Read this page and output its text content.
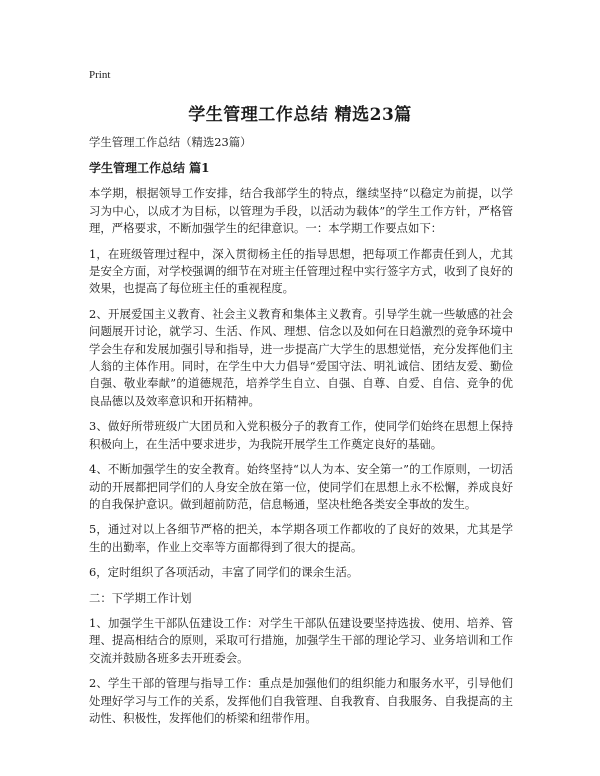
Print
学生管理工作总结 精选23篇

学生管理工作总结（精选23篇）

学生管理工作总结 篇1

本学期，根据领导工作安排，结合我部学生的特点，继续坚持“以稳定为前提，以学习为中心，以成才为目标，以管理为手段，以活动为载体”的学生工作方针，严格管理，严格要求，不断加强学生的纪律意识。一：本学期工作要点如下：

1，在班级管理过程中，深入贯彻杨主任的指导思想，把每项工作都责任到人，尤其是安全方面，对学校强调的细节在对班主任管理过程中实行签字方式，收到了良好的效果，也提高了每位班主任的重视程度。

2、开展爱国主义教育、社会主义教育和集体主义教育。引导学生就一些敏感的社会问题展开讨论，就学习、生活、作风、理想、信念以及如何在日趋激烈的竞争环境中学会生存和发展加强引导和指导，进一步提高广大学生的思想觉悟，充分发挥他们主人翁的主体作用。同时，在学生中大力倡导“爱国守法、明礼诚信、团结友爱、勤俭自强、敬业奉献”的道德规范，培养学生自立、自强、自尊、自爱、自信、竞争的优良品德以及效率意识和开拓精神。

3、做好所带班级广大团员和入党积极分子的教育工作，使同学们始终在思想上保持积极向上，在生活中要求进步，为我院开展学生工作奠定良好的基础。

4、不断加强学生的安全教育。始终坚持“以人为本、安全第一”的工作原则，一切活动的开展都把同学们的人身安全放在第一位，使同学们在思想上永不松懈，养成良好的自我保护意识。做到超前防范，信息畅通，坚决杜绝各类安全事故的发生。

5，通过对以上各细节严格的把关，本学期各项工作都收的了良好的效果，尤其是学生的出勤率，作业上交率等方面都得到了很大的提高。

6，定时组织了各项活动，丰富了同学们的课余生活。

二：下学期工作计划

1、加强学生干部队伍建设工作：对学生干部队伍建设要坚持选拔、使用、培养、管理、提高相结合的原则，采取可行措施，加强学生干部的理论学习、业务培训和工作交流并鼓励各班多去开班委会。

2、学生干部的管理与指导工作：重点是加强他们的组织能力和服务水平，引导他们处理好学习与工作的关系，发挥他们自我管理、自我教育、自我服务、自我提高的主动性、积极性，发挥他们的桥梁和纽带作用。
